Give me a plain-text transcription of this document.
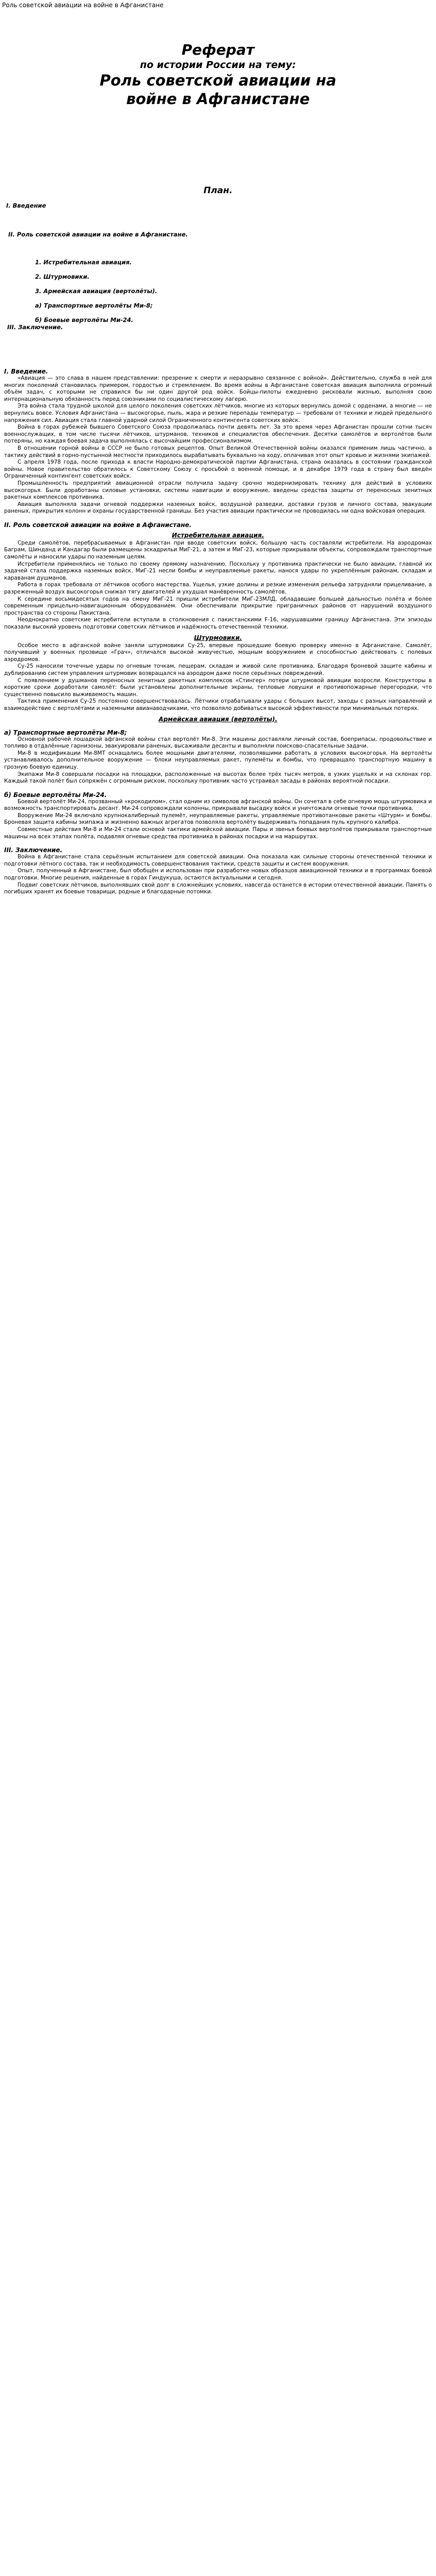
Роль советской авиации на войне в Афганистане
Реферат
по истории России на тему:
Роль советской авиации на
войне в Афганистане
План.
I. Введение
II. Роль советской авиации на войне в Афганистане.
1. Истребительная авиация.
2. Штурмовики.
3. Армейская авиация (вертолёты).
а) Транспортные вертолёты Ми-8;
б) Боевые вертолёты Ми-24.
III. Заключение.
I. Введение.

«Авиация — это слава в нашем представлении: презрение к смерти и неразрывно связанное с войной». Действительно, служба в ней для многих поколений становилась примером, гордостью и стремлением. Во время войны в Афганистане советская авиация выполнила огромный объём задач, с которыми не справился бы ни один другой род войск. Бойцы-пилоты ежедневно рисковали жизнью, выполняя свою интернациональную обязанность перед союзниками по социалистическому лагерю.

Эта война стала трудной школой для целого поколения советских лётчиков, многие из которых вернулись домой с орденами, а многие — не вернулись вовсе. Условия Афганистана — высокогорье, пыль, жара и резкие перепады температур — требовали от техники и людей предельного напряжения сил. Авиация стала главной ударной силой Ограниченного контингента советских войск.

Война в горах рубежей бывшего Советского Союза продолжалась почти девять лет. За это время через Афганистан прошли сотни тысяч военнослужащих, в том числе тысячи лётчиков, штурманов, техников и специалистов обеспечения. Десятки самолётов и вертолётов были потеряны, но каждая боевая задача выполнялась с высочайшим профессионализмом.

В отношении горной войны в СССР не было готовых рецептов. Опыт Великой Отечественной войны оказался применим лишь частично, а тактику действий в горно-пустынной местности приходилось вырабатывать буквально на ходу, оплачивая этот опыт кровью и жизнями экипажей.

С апреля 1978 года, после прихода к власти Народно-демократической партии Афганистана, страна оказалась в состоянии гражданской войны. Новое правительство обратилось к Советскому Союзу с просьбой о военной помощи, и в декабре 1979 года в страну был введён Ограниченный контингент советских войск.

Промышленность предприятий авиационной отрасли получила задачу срочно модернизировать технику для действий в условиях высокогорья. Были доработаны силовые установки, системы навигации и вооружение, введены средства защиты от переносных зенитных ракетных комплексов противника.

Авиация выполняла задачи огневой поддержки наземных войск, воздушной разведки, доставки грузов и личного состава, эвакуации раненых, прикрытия колонн и охраны государственной границы. Без участия авиации практически не проводилась ни одна войсковая операция.

II. Роль советской авиации на войне в Афганистане.
Истребительная авиация.

Среди самолётов, перебрасываемых в Афганистан при вводе советских войск, большую часть составляли истребители. На аэродромах Баграм, Шинданд и Кандагар были размещены эскадрильи МиГ-21, а затем и МиГ-23, которые прикрывали объекты, сопровождали транспортные самолёты и наносили удары по наземным целям.

Истребители применялись не только по своему прямому назначению. Поскольку у противника практически не было авиации, главной их задачей стала поддержка наземных войск. МиГ-21 несли бомбы и неуправляемые ракеты, нанося удары по укреплённым районам, складам и караванам душманов.

Работа в горах требовала от лётчиков особого мастерства. Ущелья, узкие долины и резкие изменения рельефа затрудняли прицеливание, а разреженный воздух высокогорья снижал тягу двигателей и ухудшал манёвренность самолётов.

К середине восьмидесятых годов на смену МиГ-21 пришли истребители МиГ-23МЛД, обладавшие большей дальностью полёта и более современным прицельно-навигационным оборудованием. Они обеспечивали прикрытие приграничных районов от нарушений воздушного пространства со стороны Пакистана.

Неоднократно советские истребители вступали в столкновения с пакистанскими F-16, нарушавшими границу Афганистана. Эти эпизоды показали высокий уровень подготовки советских лётчиков и надёжность отечественной техники.

Штурмовики.

Особое место в афганской войне заняли штурмовики Су-25, впервые прошедшие боевую проверку именно в Афганистане. Самолёт, получивший у военных прозвище «Грач», отличался высокой живучестью, мощным вооружением и способностью действовать с полевых аэродромов.

Су-25 наносили точечные удары по огневым точкам, пещерам, складам и живой силе противника. Благодаря броневой защите кабины и дублированию систем управления штурмовик возвращался на аэродром даже после серьёзных повреждений.

С появлением у душманов переносных зенитных ракетных комплексов «Стингер» потери штурмовой авиации возросли. Конструкторы в короткие сроки доработали самолёт: были установлены дополнительные экраны, тепловые ловушки и противопожарные перегородки, что существенно повысило выживаемость машин.

Тактика применения Су-25 постоянно совершенствовалась. Лётчики отрабатывали удары с больших высот, заходы с разных направлений и взаимодействие с вертолётами и наземными авианаводчиками, что позволяло добиваться высокой эффективности при минимальных потерях.

Армейская авиация (вертолёты).
а) Транспортные вертолёты Ми-8;

Основной рабочей лошадкой афганской войны стал вертолёт Ми-8. Эти машины доставляли личный состав, боеприпасы, продовольствие и топливо в отдалённые гарнизоны, эвакуировали раненых, высаживали десанты и выполняли поисково-спасательные задачи.

Ми-8 в модификации Ми-8МТ оснащались более мощными двигателями, позволявшими работать в условиях высокогорья. На вертолёты устанавливалось дополнительное вооружение — блоки неуправляемых ракет, пулемёты и бомбы, что превращало транспортную машину в грозную боевую единицу.

Экипажи Ми-8 совершали посадки на площадки, расположенные на высотах более трёх тысяч метров, в узких ущельях и на склонах гор. Каждый такой полёт был сопряжён с огромным риском, поскольку противник часто устраивал засады в районах вероятной посадки.

б) Боевые вертолёты Ми-24.

Боевой вертолёт Ми-24, прозванный «крокодилом», стал одним из символов афганской войны. Он сочетал в себе огневую мощь штурмовика и возможность транспортировать десант. Ми-24 сопровождали колонны, прикрывали высадку войск и уничтожали огневые точки противника.

Вооружение Ми-24 включало крупнокалиберный пулемёт, неуправляемые ракеты, управляемые противотанковые ракеты «Штурм» и бомбы. Броневая защита кабины экипажа и жизненно важных агрегатов позволяла вертолёту выдерживать попадания пуль крупного калибра.

Совместные действия Ми-8 и Ми-24 стали основой тактики армейской авиации. Пары и звенья боевых вертолётов прикрывали транспортные машины на всех этапах полёта, подавляя огневые средства противника в районах посадки и на маршрутах.

III. Заключение.

Война в Афганистане стала серьёзным испытанием для советской авиации. Она показала как сильные стороны отечественной техники и подготовки лётного состава, так и необходимость совершенствования тактики, средств защиты и систем вооружения.

Опыт, полученный в Афганистане, был обобщён и использован при разработке новых образцов авиационной техники и в программах боевой подготовки. Многие решения, найденные в горах Гиндукуша, остаются актуальными и сегодня.

Подвиг советских лётчиков, выполнявших свой долг в сложнейших условиях, навсегда останется в истории отечественной авиации. Память о погибших хранят их боевые товарищи, родные и благодарные потомки.
